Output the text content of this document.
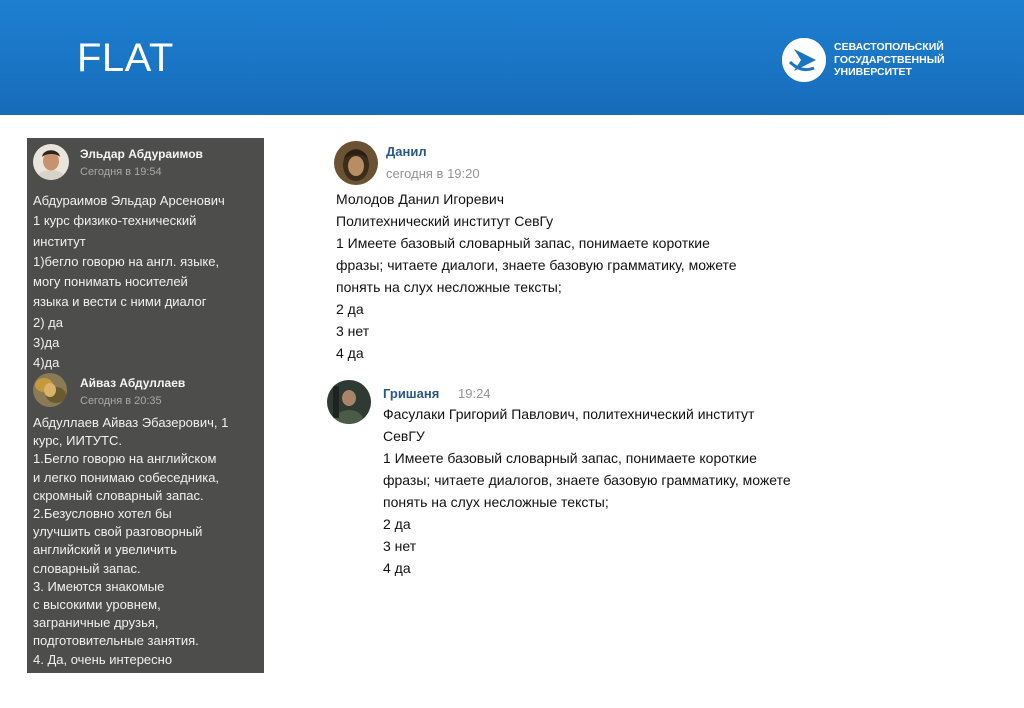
FLAT	СЕВАСТОПОЛЬСКИЙ
ГОСУДАРСТВЕННЫЙ
УНИВЕРСИТЕТ
Эльдар Абдураимов
Сегодня в 19:54
Абдураимов Эльдар Арсенович
1 курс физико-технический
институт
1)бегло говорю на англ. языке,
могу понимать носителей
языка и вести с ними диалог
2) да
3)да
4)да
Айваз Абдуллаев
Сегодня в 20:35
Абдуллаев Айваз Эбазерович, 1
курс, ИИТУТС.
1.Бегло говорю на английском
и легко понимаю собеседника,
скромный словарный запас.
2.Безусловно хотел бы
улучшить свой разговорный
английский и увеличить
словарный запас.
3. Имеются знакомые
с высокими уровнем,
заграничные друзья,
подготовительные занятия.
4. Да, очень интересно
Данил
сегодня в 19:20
Молодов Данил Игоревич
Политехнический институт СевГу
1 Имеете базовый словарный запас, понимаете короткие
фразы; читаете диалоги, знаете базовую грамматику, можете
понять на слух несложные тексты;
2 да
3 нет
4 да
Гришаня 19:24
Фасулаки Григорий Павлович, политехнический институт
СевГУ
1 Имеете базовый словарный запас, понимаете короткие
фразы; читаете диалогов, знаете базовую грамматику, можете
понять на слух несложные тексты;
2 да
3 нет
4 да
